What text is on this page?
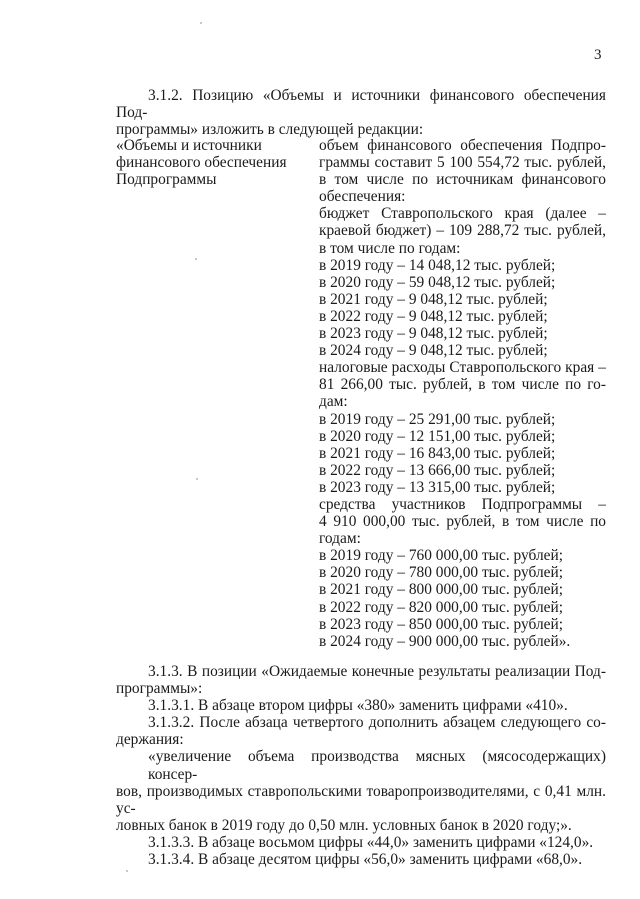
3
3.1.2. Позицию «Объемы и источники финансового обеспечения Под-
программы» изложить в следующей редакции:
«Объемы и источники
финансового обеспечения
Подпрограммы
объем финансового обеспечения Подпро-
граммы составит 5 100 554,72 тыс. рублей,
в том числе по источникам финансового
обеспечения:
бюджет Ставропольского края (далее –
краевой бюджет) – 109 288,72 тыс. рублей,
в том числе по годам:
в 2019 году – 14 048,12 тыс. рублей;
в 2020 году – 59 048,12 тыс. рублей;
в 2021 году – 9 048,12 тыс. рублей;
в 2022 году – 9 048,12 тыс. рублей;
в 2023 году – 9 048,12 тыс. рублей;
в 2024 году – 9 048,12 тыс. рублей;
налоговые расходы Ставропольского края –
81 266,00 тыс. рублей, в том числе по го-
дам:
в 2019 году – 25 291,00 тыс. рублей;
в 2020 году – 12 151,00 тыс. рублей;
в 2021 году – 16 843,00 тыс. рублей;
в 2022 году – 13 666,00 тыс. рублей;
в 2023 году – 13 315,00 тыс. рублей;
средства участников Подпрограммы –
4 910 000,00 тыс. рублей, в том числе по
годам:
в 2019 году – 760 000,00 тыс. рублей;
в 2020 году – 780 000,00 тыс. рублей;
в 2021 году – 800 000,00 тыс. рублей;
в 2022 году – 820 000,00 тыс. рублей;
в 2023 году – 850 000,00 тыс. рублей;
в 2024 году – 900 000,00 тыс. рублей».
3.1.3. В позиции «Ожидаемые конечные результаты реализации Под-
программы»:
3.1.3.1. В абзаце втором цифры «380» заменить цифрами «410».
3.1.3.2. После абзаца четвертого дополнить абзацем следующего со-
держания:
«увеличение объема производства мясных (мясосодержащих) консер-
вов, производимых ставропольскими товаропроизводителями, с 0,41 млн. ус-
ловных банок в 2019 году до 0,50 млн. условных банок в 2020 году;».
3.1.3.3. В абзаце восьмом цифры «44,0» заменить цифрами «124,0».
3.1.3.4. В абзаце десятом цифры «56,0» заменить цифрами «68,0».
